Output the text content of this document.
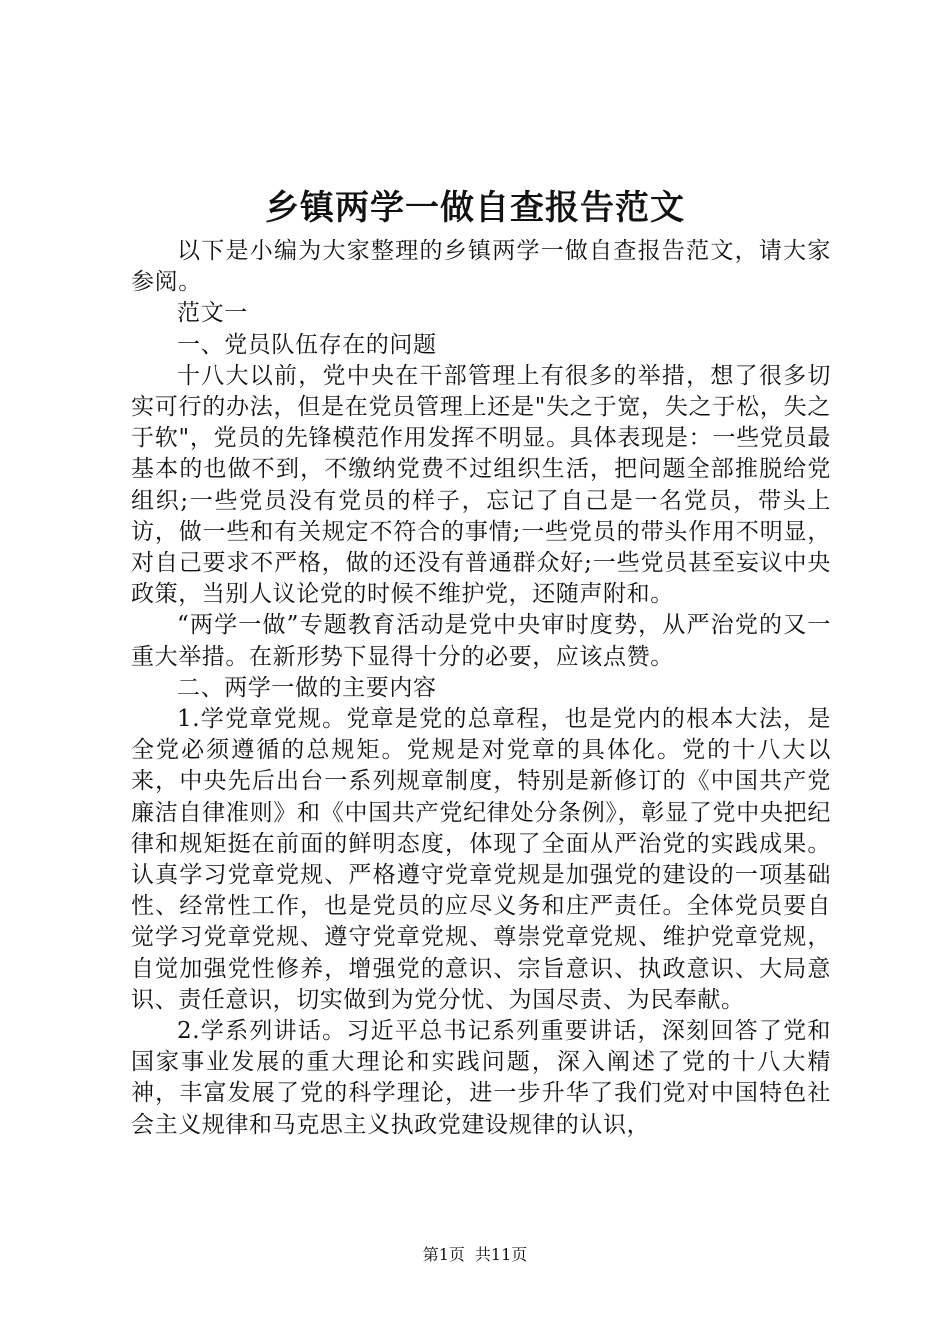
乡镇两学一做自查报告范文

以下是小编为大家整理的乡镇两学一做自查报告范文，请大家参阅。

范文一

一、党员队伍存在的问题

十八大以前，党中央在干部管理上有很多的举措，想了很多切实可行的办法，但是在党员管理上还是"失之于宽，失之于松，失之于软"，党员的先锋模范作用发挥不明显。具体表现是：一些党员最基本的也做不到，不缴纳党费不过组织生活，把问题全部推脱给党组织;一些党员没有党员的样子，忘记了自己是一名党员，带头上访，做一些和有关规定不符合的事情;一些党员的带头作用不明显，对自己要求不严格，做的还没有普通群众好;一些党员甚至妄议中央政策，当别人议论党的时候不维护党，还随声附和。

“两学一做”专题教育活动是党中央审时度势，从严治党的又一重大举措。在新形势下显得十分的必要，应该点赞。

二、两学一做的主要内容

1.学党章党规。党章是党的总章程，也是党内的根本大法，是全党必须遵循的总规矩。党规是对党章的具体化。党的十八大以来，中央先后出台一系列规章制度，特别是新修订的《中国共产党廉洁自律准则》和《中国共产党纪律处分条例》，彰显了党中央把纪律和规矩挺在前面的鲜明态度，体现了全面从严治党的实践成果。认真学习党章党规、严格遵守党章党规是加强党的建设的一项基础性、经常性工作，也是党员的应尽义务和庄严责任。全体党员要自觉学习党章党规、遵守党章党规、尊崇党章党规、维护党章党规，自觉加强党性修养，增强党的意识、宗旨意识、执政意识、大局意识、责任意识，切实做到为党分忧、为国尽责、为民奉献。

2.学系列讲话。习近平总书记系列重要讲话，深刻回答了党和国家事业发展的重大理论和实践问题，深入阐述了党的十八大精神，丰富发展了党的科学理论，进一步升华了我们党对中国特色社会主义规律和马克思主义执政党建设规律的认识，

第1页 共11页
